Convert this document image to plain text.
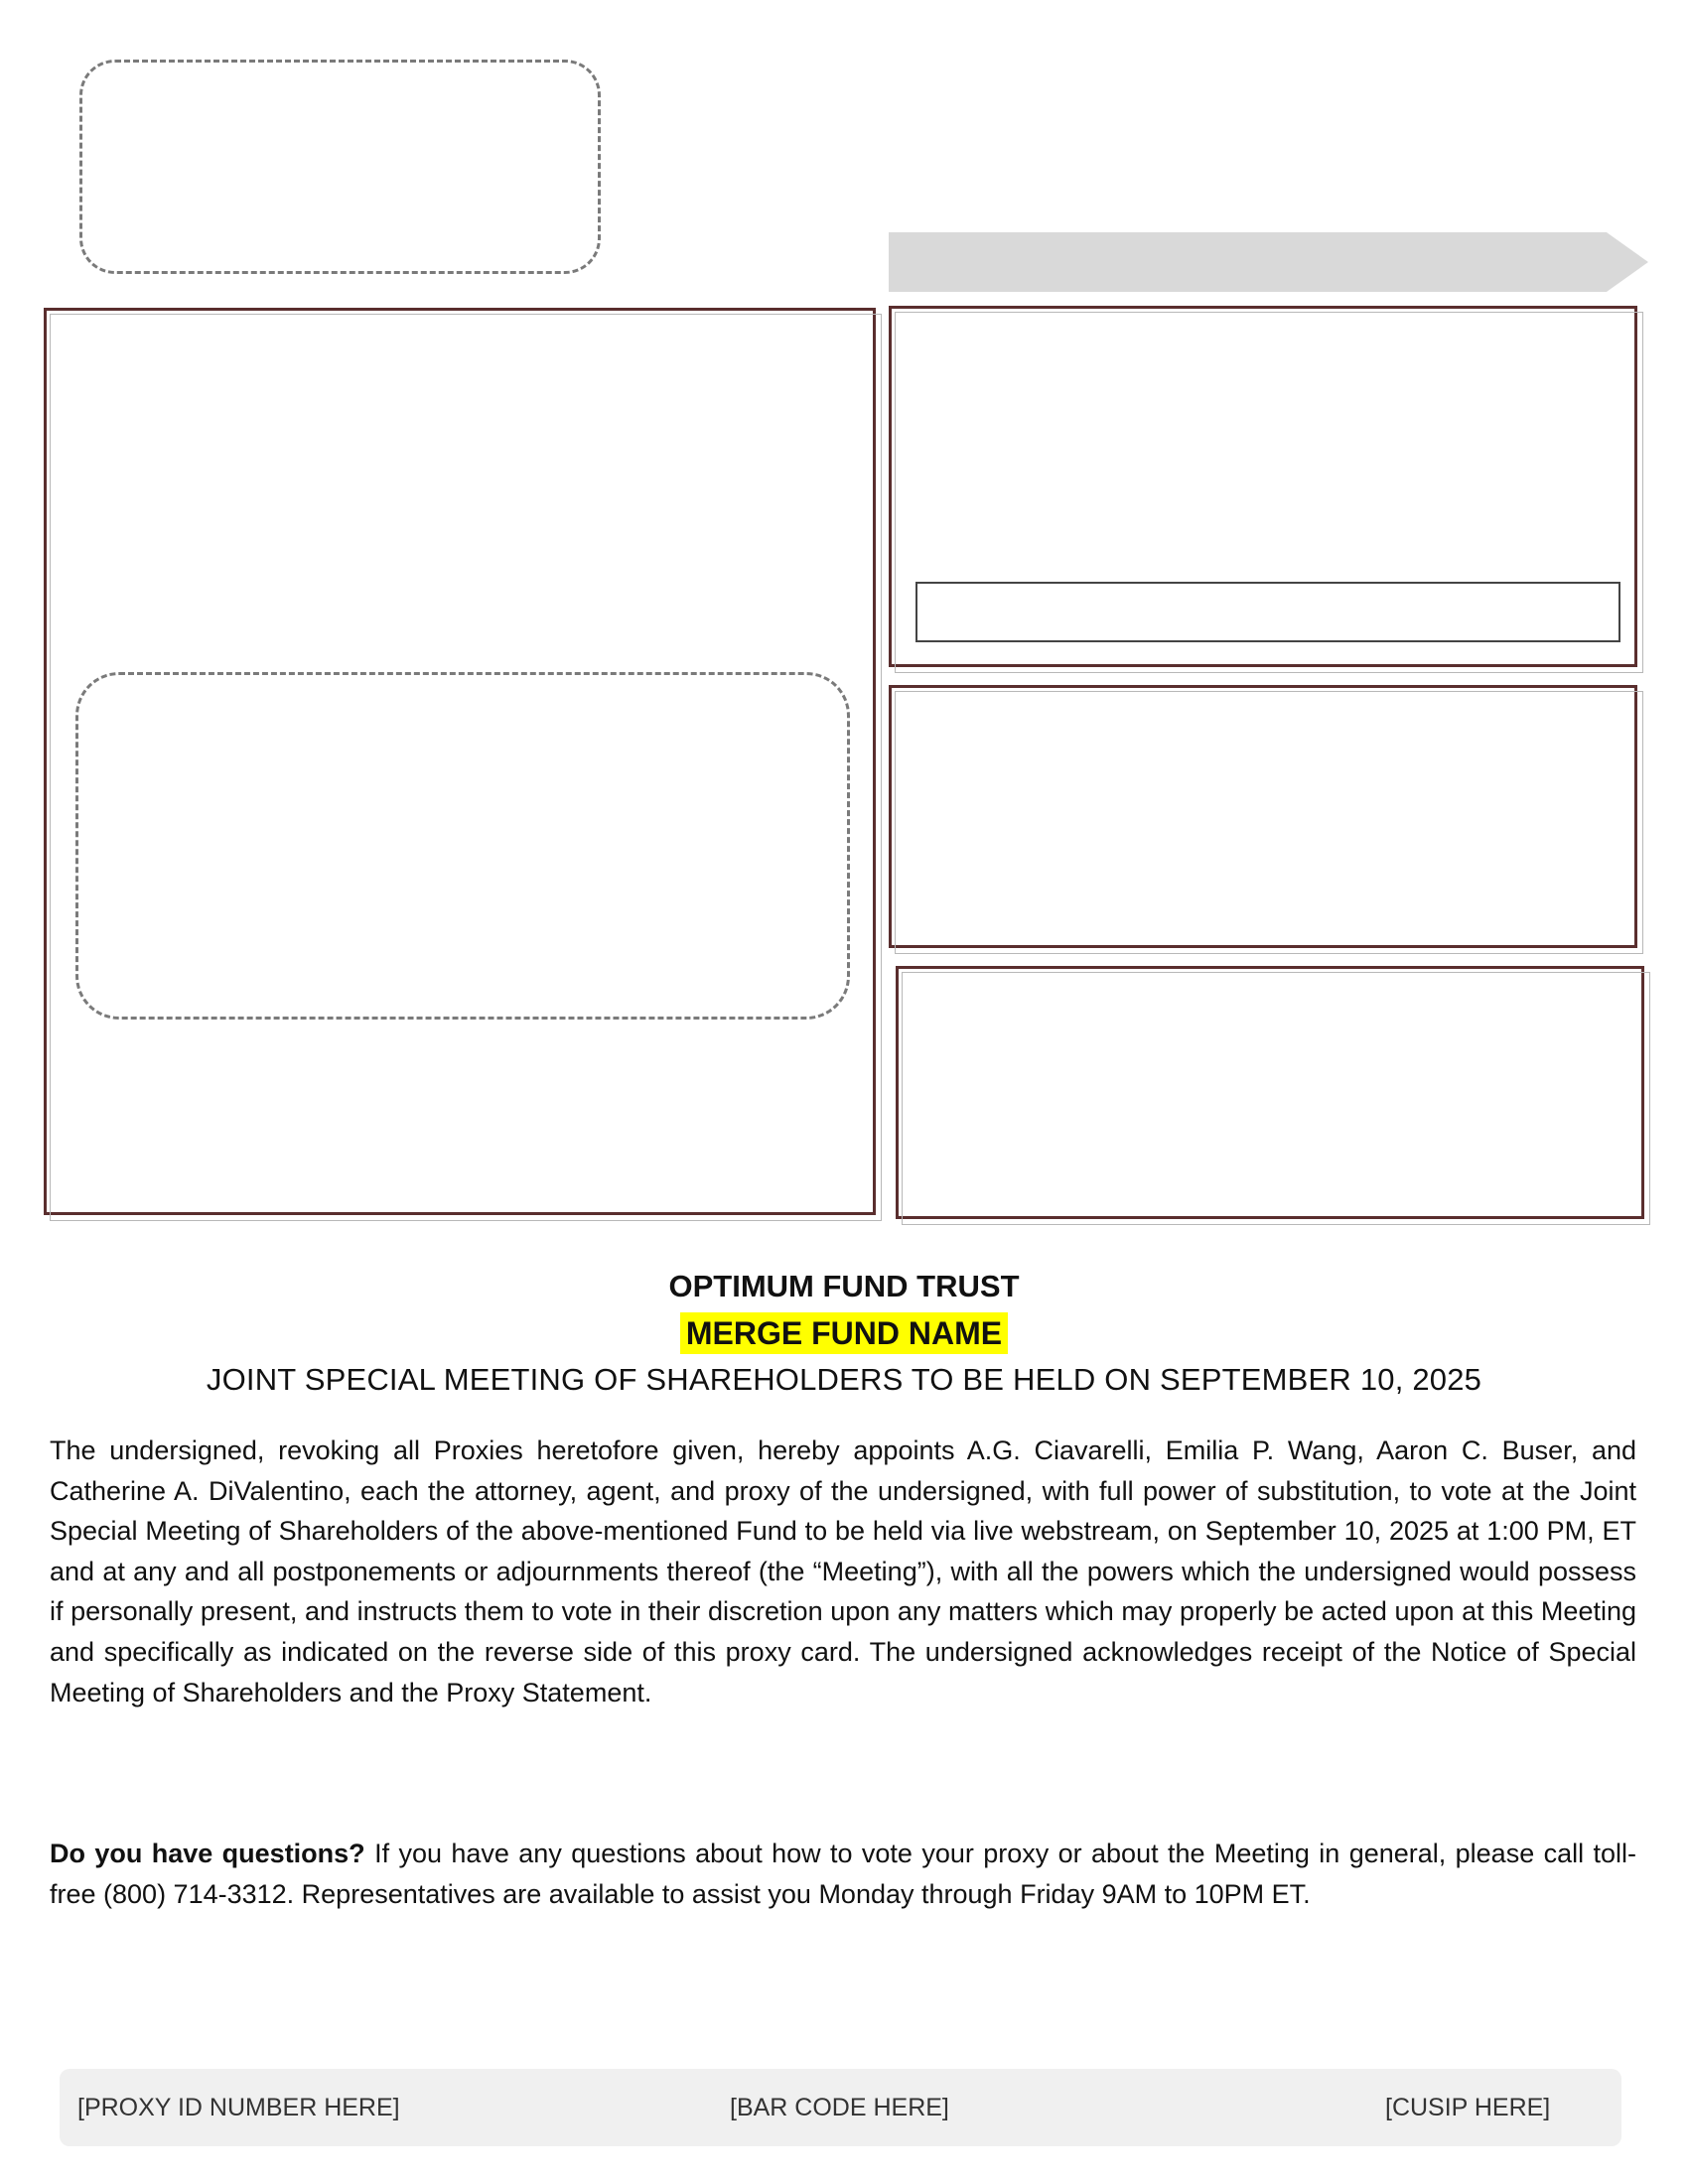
OPTIMUM FUND TRUST
MERGE FUND NAME
JOINT SPECIAL MEETING OF SHAREHOLDERS TO BE HELD ON SEPTEMBER 10, 2025

The undersigned, revoking all Proxies heretofore given, hereby appoints A.G. Ciavarelli, Emilia P. Wang, Aaron C. Buser, and Catherine A. DiValentino, each the attorney, agent, and proxy of the undersigned, with full power of substitution, to vote at the Joint Special Meeting of Shareholders of the above-mentioned Fund to be held via live webstream, on September 10, 2025 at 1:00 PM, ET and at any and all postponements or adjournments thereof (the “Meeting”), with all the powers which the undersigned would possess if personally present, and instructs them to vote in their discretion upon any matters which may properly be acted upon at this Meeting and specifically as indicated on the reverse side of this proxy card. The undersigned acknowledges receipt of the Notice of Special Meeting of Shareholders and the Proxy Statement.

Do you have questions? If you have any questions about how to vote your proxy or about the Meeting in general, please call toll-free (800) 714-3312. Representatives are available to assist you Monday through Friday 9AM to 10PM ET.

[PROXY ID NUMBER HERE]	[BAR CODE HERE]	[CUSIP HERE]
